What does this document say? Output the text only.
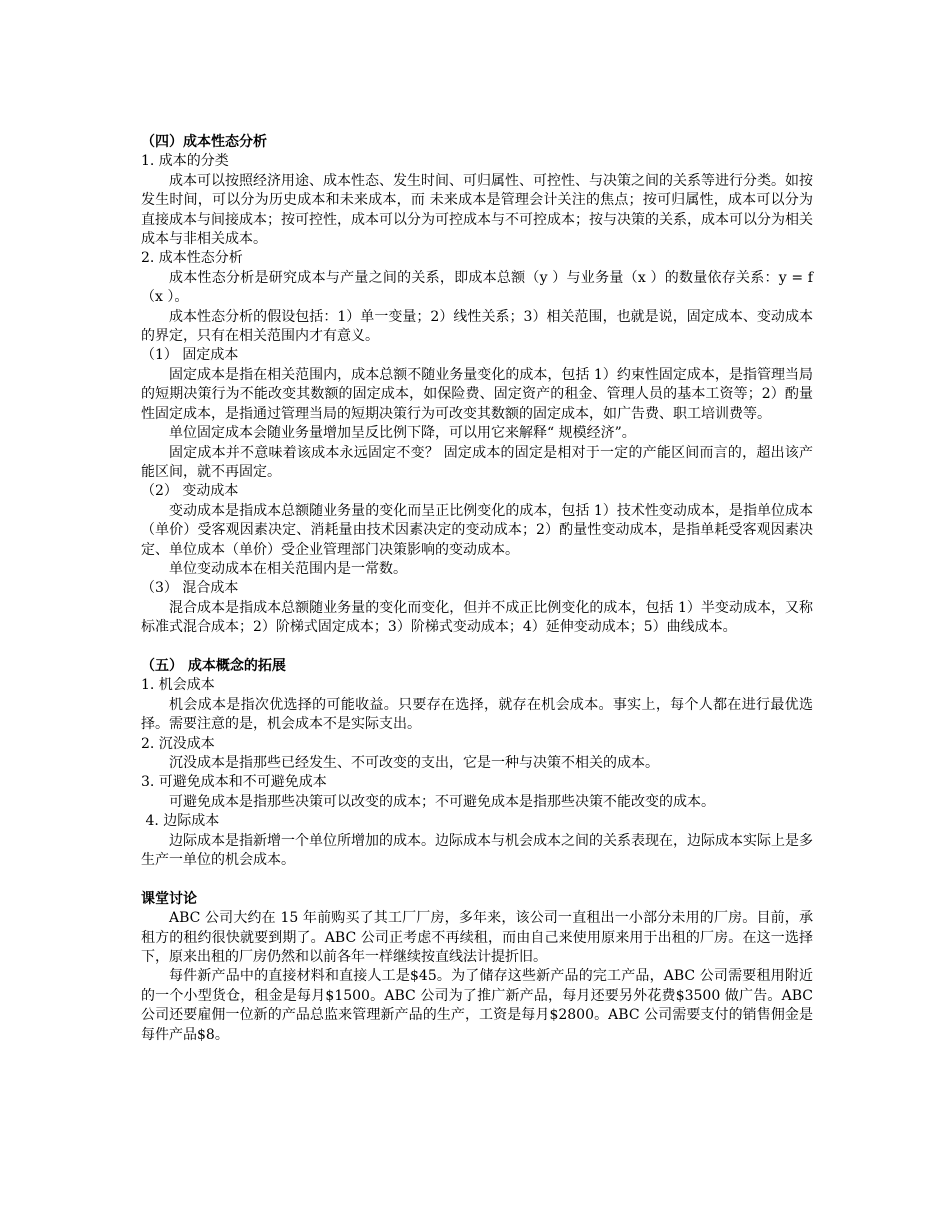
（四）成本性态分析
1. 成本的分类
成本可以按照经济用途、成本性态、发生时间、可归属性、可控性、与决策之间的关系等进行分类。如按发生时间，可以分为历史成本和未来成本，而 未来成本是管理会计关注的焦点；按可归属性，成本可以分为直接成本与间接成本；按可控性，成本可以分为可控成本与不可控成本；按与决策的关系，成本可以分为相关成本与非相关成本。
2. 成本性态分析
成本性态分析是研究成本与产量之间的关系，即成本总额（y ）与业务量（x ）的数量依存关系：y = f （x ）。
成本性态分析的假设包括：1）单一变量；2）线性关系；3）相关范围，也就是说，固定成本、变动成本的界定，只有在相关范围内才有意义。
（1） 固定成本
固定成本是指在相关范围内，成本总额不随业务量变化的成本，包括 1）约束性固定成本，是指管理当局的短期决策行为不能改变其数额的固定成本，如保险费、固定资产的租金、管理人员的基本工资等；2）酌量性固定成本，是指通过管理当局的短期决策行为可改变其数额的固定成本，如广告费、职工培训费等。
单位固定成本会随业务量增加呈反比例下降，可以用它来解释“ 规模经济”。
固定成本并不意味着该成本永远固定不变？ 固定成本的固定是相对于一定的产能区间而言的，超出该产能区间，就不再固定。
（2） 变动成本
变动成本是指成本总额随业务量的变化而呈正比例变化的成本，包括 1）技术性变动成本，是指单位成本（单价）受客观因素决定、消耗量由技术因素决定的变动成本；2）酌量性变动成本，是指单耗受客观因素决定、单位成本（单价）受企业管理部门决策影响的变动成本。
单位变动成本在相关范围内是一常数。
（3） 混合成本
混合成本是指成本总额随业务量的变化而变化，但并不成正比例变化的成本，包括 1）半变动成本，又称标准式混合成本；2）阶梯式固定成本；3）阶梯式变动成本；4）延伸变动成本；5）曲线成本。
（五） 成本概念的拓展
1. 机会成本
机会成本是指次优选择的可能收益。只要存在选择，就存在机会成本。事实上，每个人都在进行最优选择。需要注意的是，机会成本不是实际支出。
2. 沉没成本
沉没成本是指那些已经发生、不可改变的支出，它是一种与决策不相关的成本。
3. 可避免成本和不可避免成本
可避免成本是指那些决策可以改变的成本；不可避免成本是指那些决策不能改变的成本。
4. 边际成本
边际成本是指新增一个单位所增加的成本。边际成本与机会成本之间的关系表现在，边际成本实际上是多生产一单位的机会成本。
课堂讨论
ABC 公司大约在 15 年前购买了其工厂厂房，多年来，该公司一直租出一小部分未用的厂房。目前，承租方的租约很快就要到期了。ABC 公司正考虑不再续租，而由自己来使用原来用于出租的厂房。在这一选择下，原来出租的厂房仍然和以前各年一样继续按直线法计提折旧。
每件新产品中的直接材料和直接人工是$45。为了储存这些新产品的完工产品，ABC 公司需要租用附近的一个小型货仓，租金是每月$1500。ABC 公司为了推广新产品，每月还要另外花费$3500 做广告。ABC 公司还要雇佣一位新的产品总监来管理新产品的生产，工资是每月$2800。ABC 公司需要支付的销售佣金是每件产品$8。
